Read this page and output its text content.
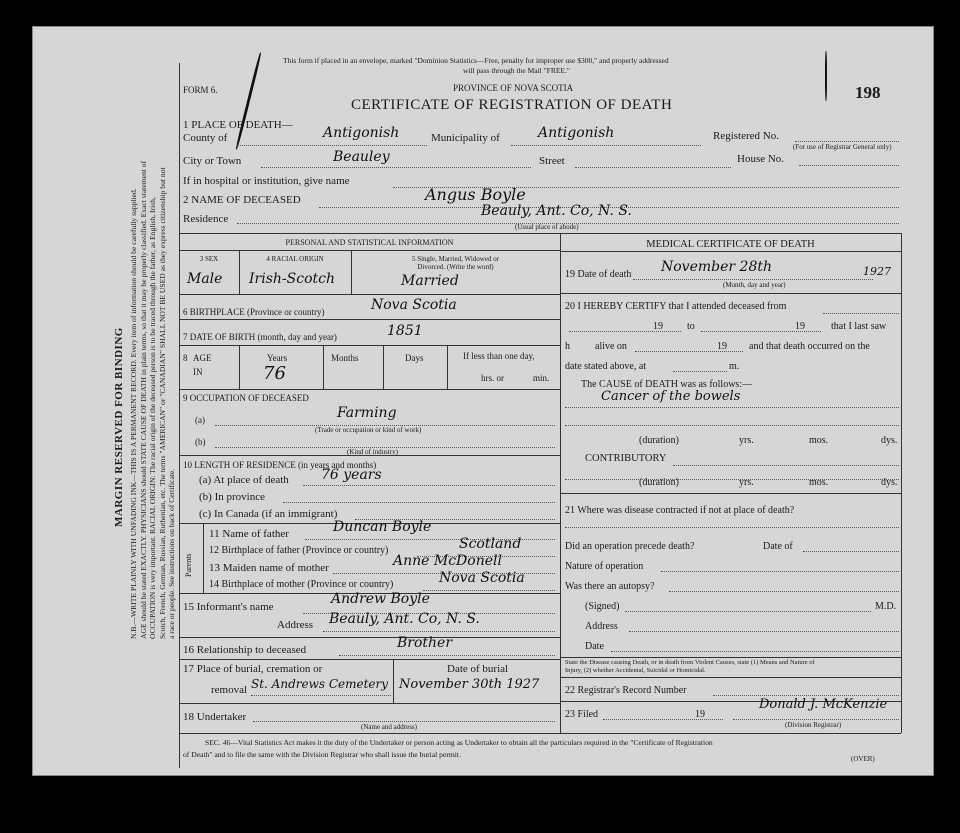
MARGIN RESERVED FOR BINDING N.B.—WRITE PLAINLY WITH UNFADING INK—THIS IS A PERMANENT RECORD. Every item of information should be carefully supplied. AGE should be stated EXACTLY. PHYSICIANS should STATE CAUSE OF DEATH in plain terms, so that it may be properly classified. Exact statement of OCCUPATION is very important. RACIAL ORIGIN: The racial origin of the deceased person is to be traced through the father, as English, Irish, Scotch, French, German, Russian, Ruthenian, etc. The terms "AMERICAN" or "CANADIAN" SHALL NOT BE USED as they express citizenship but not a race or people. See instructions on back of Certificate.
This form if placed in an envelope, marked "Dominion Statistics—Free, penalty for improper use $300," and properly addressed
will pass through the Mail "FREE."
PROVINCE OF NOVA SCOTIA
FORM 6.
CERTIFICATE OF REGISTRATION OF DEATH
198
1 PLACE OF DEATH—
County of	Antigonish	Municipality of	Antigonish	Registered No.
(For use of Registrar General only)
City or Town	Beauley	Street	House No.
If in hospital or institution, give name
2 NAME OF DECEASED	Angus Boyle
Residence	Beauly, Ant. Co, N. S.
(Usual place of abode)
PERSONAL AND STATISTICAL INFORMATION
3 SEX
Male
4 RACIAL ORIGIN
Irish-Scotch
5 Single, Married, Widowed or
Divorced. (Write the word)
Married
6 BIRTHPLACE (Province or country)	Nova Scotia
7 DATE OF BIRTH (month, day and year)	1851
8 AGE
IN
Years
76
Months	Days	If less than one day,
hrs. or	min.
9 OCCUPATION OF DECEASED
(a)	Farming
(Trade or occupation or kind of work)
(b)
(Kind of industry)
10 LENGTH OF RESIDENCE (in years and months)
(a) At place of death 76 years
(b) In province
(c) In Canada (if an immigrant)
Parents
11 Name of father	Duncan Boyle
12 Birthplace of father (Province or country)	Scotland
13 Maiden name of mother	Anne McDonell
14 Birthplace of mother (Province or country)	Nova Scotia
15 Informant's name	Andrew Boyle
Address Beauly, Ant. Co, N. S.
16 Relationship to deceased	Brother
17 Place of burial, cremation or
removal St. Andrews Cemetery
Date of burial
November 30th 1927
18 Undertaker
(Name and address)
MEDICAL CERTIFICATE OF DEATH
19 Date of death November 28th	1927
(Month, day and year)
20 I HEREBY CERTIFY that I attended deceased from
19 to	19	that I last saw
h	alive on	19 and that death occurred on the
date stated above, at	m.
The CAUSE of DEATH was as follows:—
Cancer of the bowels
(duration)	yrs.	mos.	dys.
CONTRIBUTORY
(duration)	yrs.	mos.	dys.
21 Where was disease contracted if not at place of death?
Did an operation precede death?	Date of
Nature of operation
Was there an autopsy?
(Signed)	M.D.
Address
Date
State the Disease causing Death, or in death from Violent Causes, state (1) Means and Nature of
Injury, (2) whether Accidental, Suicidal or Homicidal.
22 Registrar's Record Number
23 Filed	19
Donald J. McKenzie
(Division Registrar)
SEC. 46—Vital Statistics Act makes it the duty of the Undertaker or person acting as Undertaker to obtain all the particulars required in the "Certificate of Registration
of Death" and to file the same with the Division Registrar who shall issue the burial permit.	(OVER)
